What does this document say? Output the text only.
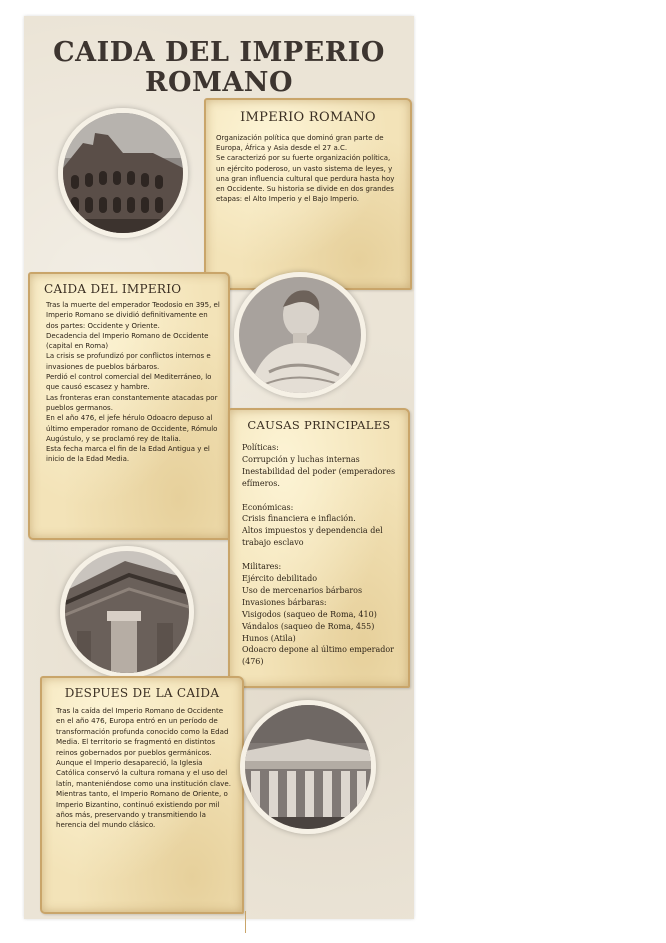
CAIDA DEL IMPERIO ROMANO
IMPERIO ROMANO

Organización política que dominó gran parte de Europa, África y Asia desde el 27 a.C.
Se caracterizó por su fuerte organización política, un ejército poderoso, un vasto sistema de leyes, y una gran influencia cultural que perdura hasta hoy en Occidente. Su historia se divide en dos grandes etapas: el Alto Imperio y el Bajo Imperio.

CAIDA DEL IMPERIO

Tras la muerte del emperador Teodosio en 395, el Imperio Romano se dividió definitivamente en dos partes: Occidente y Oriente.
Decadencia del Imperio Romano de Occidente (capital en Roma)
La crisis se profundizó por conflictos internos e invasiones de pueblos bárbaros.
Perdió el control comercial del Mediterráneo, lo que causó escasez y hambre.
Las fronteras eran constantemente atacadas por pueblos germanos.
En el año 476, el jefe hérulo Odoacro depuso al último emperador romano de Occidente, Rómulo Augústulo, y se proclamó rey de Italia.
Esta fecha marca el fin de la Edad Antigua y el inicio de la Edad Media.

CAUSAS PRINCIPALES

Políticas:
Corrupción y luchas internas
Inestabilidad del poder (emperadores efímeros.

Económicas:
Crisis financiera e inflación.
Altos impuestos y dependencia del trabajo esclavo

Militares:
Ejército debilitado
Uso de mercenarios bárbaros
Invasiones bárbaras:
Visigodos (saqueo de Roma, 410)
Vándalos (saqueo de Roma, 455)
Hunos (Atila)
Odoacro depone al último emperador (476)

DESPUES DE LA CAIDA

Tras la caída del Imperio Romano de Occidente en el año 476, Europa entró en un período de transformación profunda conocido como la Edad Media. El territorio se fragmentó en distintos reinos gobernados por pueblos germánicos. Aunque el Imperio desapareció, la Iglesia Católica conservó la cultura romana y el uso del latín, manteniéndose como una institución clave. Mientras tanto, el Imperio Romano de Oriente, o Imperio Bizantino, continuó existiendo por mil años más, preservando y transmitiendo la herencia del mundo clásico.
